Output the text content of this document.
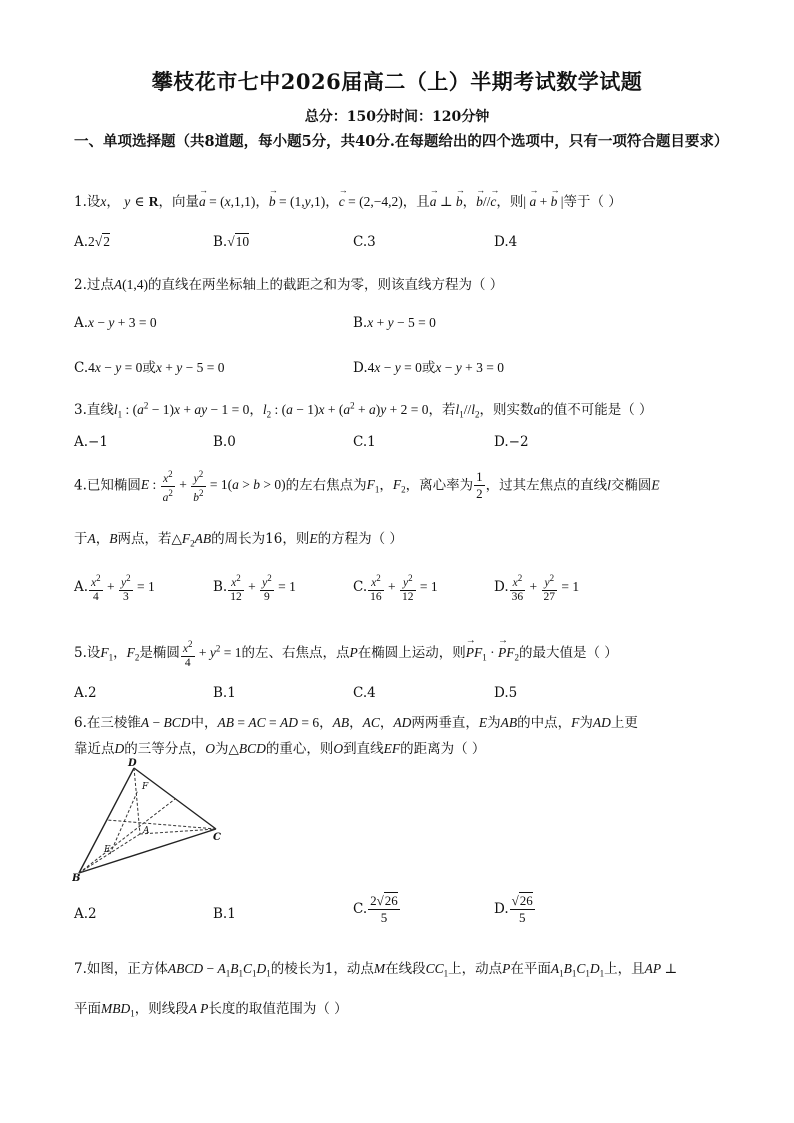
攀枝花市七中2026届高二（上）半期考试数学试题
总分：150分时间：120分钟
一、单项选择题（共8道题，每小题5分，共40分.在每题给出的四个选项中，只有一项符合题目要求）
1.设x， y ∈ R，向量→ a = (x,1,1)，→ b = (1,y,1)，→ c = (2,−4,2)，且→ a ⊥ → b，→ b//→ c，则| → a + → b |等于（ ）
A.2√2	B.√10	C.3	D.4
2.过点A(1,4)的直线在两坐标轴上的截距之和为零，则该直线方程为（ ）
A.x − y + 3 = 0	B.x + y − 5 = 0
C.4x − y = 0或x + y − 5 = 0	D.4x − y = 0或x − y + 3 = 0
3.直线$l_1$ : $(a^2 - 1)x$ + ay − 1 = 0，$l_2$ : $(a - 1)x + (a^2 + a)y + 2 = 0$，若$l_1//l_2$，则实数a的值不可能是（ ）
A.−1	B.0	C.1	D.−2
4.已知椭圆E : $\frac{x^2}{a^2} + \frac{y^2}{b^2} = 1(a > b > 0)$的左右焦点为$F_1$，$F_2$，离心率为 $\frac{1}{2}$ ，过其左焦点的直线l交椭圆E
于A，B两点，若$\triangle F_2AB$的周长为16，则E的方程为（ ）
A. $\frac{x^2}{4} + \frac{y^2}{3} = 1$	B. $\frac{x^2}{12} + \frac{y^2}{9} = 1$	C. $\frac{x^2}{16} + \frac{y^2}{12} = 1$	D. $\frac{x^2}{36} + \frac{y^2}{27} = 1$
5.设$F_1$，$F_2$是椭圆 $\frac{x^2}{4} + y^2 = 1$的左、右焦点，点P在椭圆上运动，则→ $PF_1$ · → $PF_2$的最大值是（ ）
A.2	B.1	C.4	D.5
6.在三棱锥A − BCD中，AB = AC = AD = 6，AB，AC，AD两两垂直，E为AB的中点，F为AD上更
靠近点D的三等分点，O为△BCD的重心，则O到直线EF的距离为（ ）
D
F
A
E
C
B
A.2	B.1	C. $\frac{2√26}{5}$	D. $\frac{√26}{5}$
7.如图，正方体ABCD − $A_1B_1C_1D_1$的棱长为1，动点M在线段$CC_1$上，动点P在平面$A_1B_1C_1D_1$上，且AP ⊥
平面$MBD_1$，则线段A P长度的取值范围为（ ）
